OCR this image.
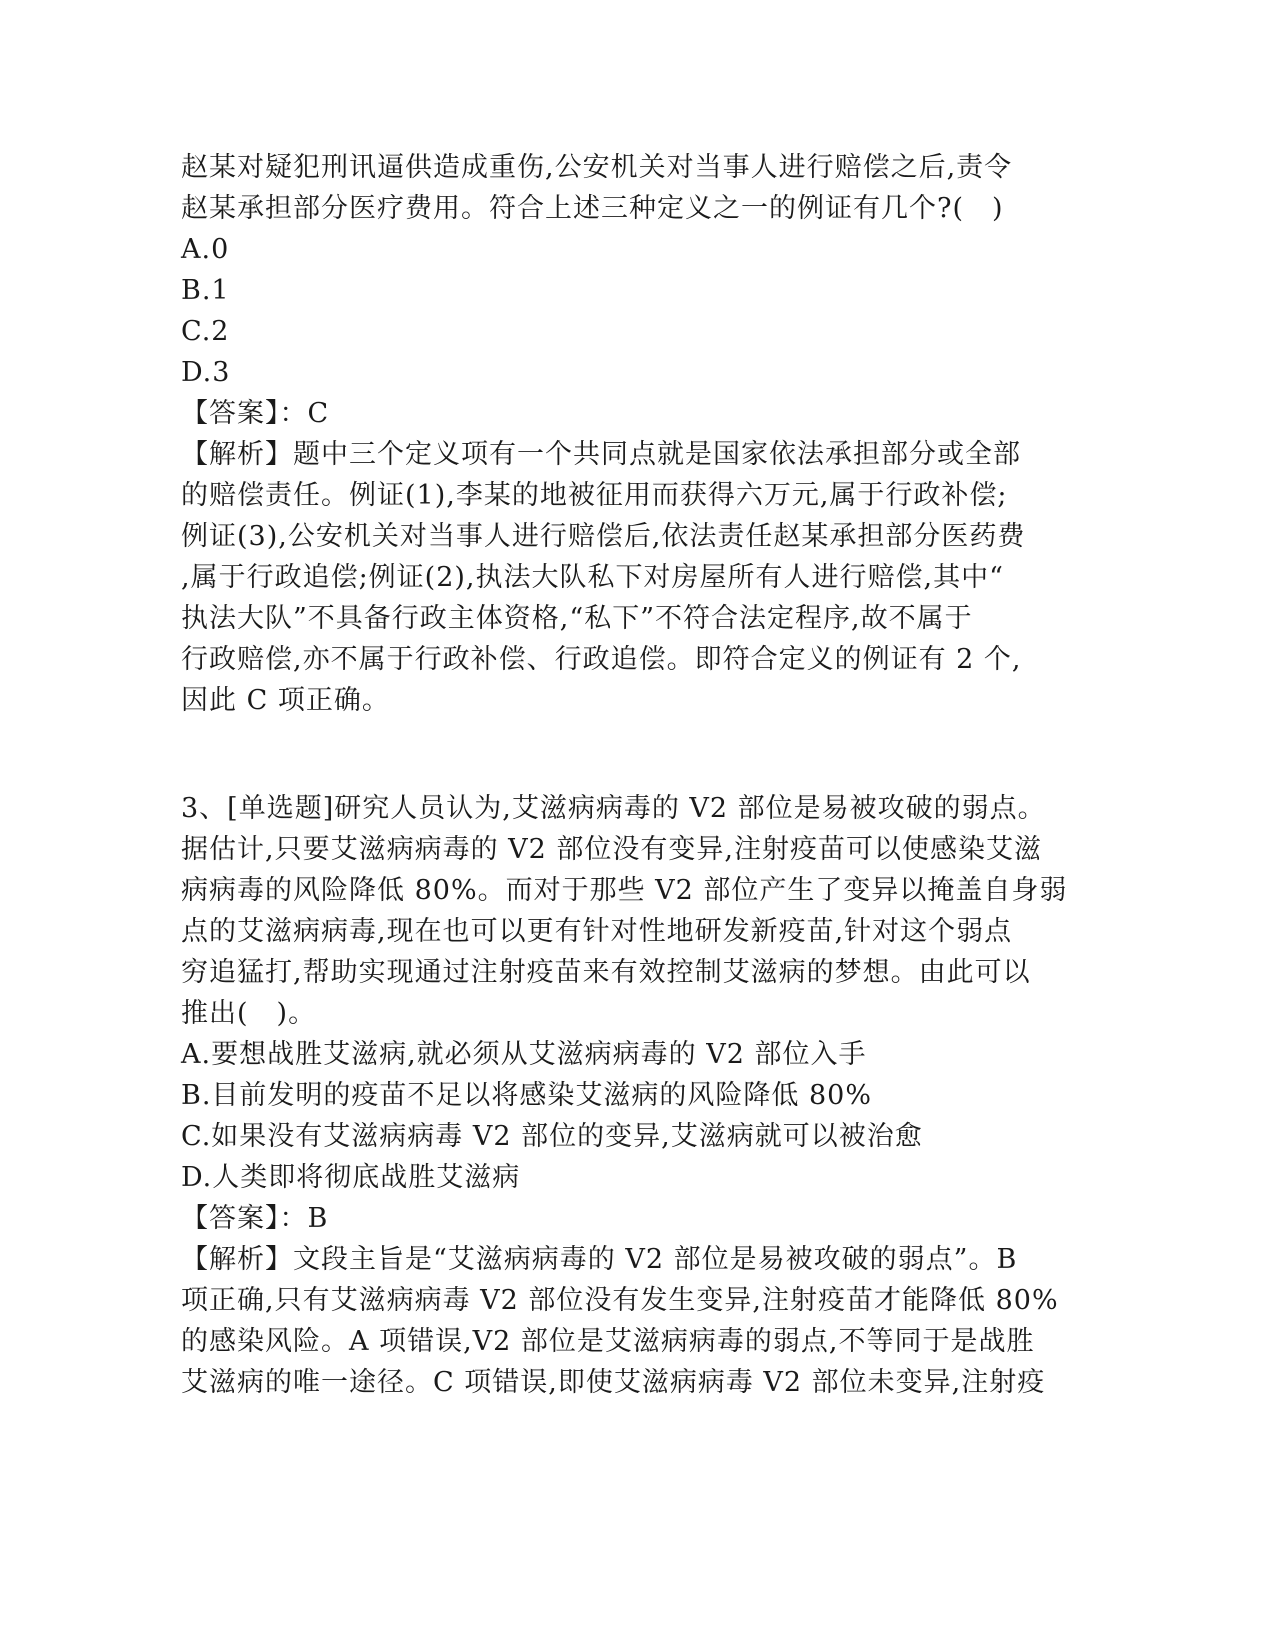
赵某对疑犯刑讯逼供造成重伤,公安机关对当事人进行赔偿之后,责令
赵某承担部分医疗费用。符合上述三种定义之一的例证有几个?(　)
A.0
B.1
C.2
D.3
【答案】：C
【解析】题中三个定义项有一个共同点就是国家依法承担部分或全部
的赔偿责任。例证(1),李某的地被征用而获得六万元,属于行政补偿;
例证(3),公安机关对当事人进行赔偿后,依法责任赵某承担部分医药费
,属于行政追偿;例证(2),执法大队私下对房屋所有人进行赔偿,其中“
执法大队”不具备行政主体资格,“私下”不符合法定程序,故不属于
行政赔偿,亦不属于行政补偿、行政追偿。即符合定义的例证有 2 个,
因此 C 项正确。
3、[单选题]研究人员认为,艾滋病病毒的 V2 部位是易被攻破的弱点。
据估计,只要艾滋病病毒的 V2 部位没有变异,注射疫苗可以使感染艾滋
病病毒的风险降低 80%。而对于那些 V2 部位产生了变异以掩盖自身弱
点的艾滋病病毒,现在也可以更有针对性地研发新疫苗,针对这个弱点
穷追猛打,帮助实现通过注射疫苗来有效控制艾滋病的梦想。由此可以
推出(　)。
A.要想战胜艾滋病,就必须从艾滋病病毒的 V2 部位入手
B.目前发明的疫苗不足以将感染艾滋病的风险降低 80%
C.如果没有艾滋病病毒 V2 部位的变异,艾滋病就可以被治愈
D.人类即将彻底战胜艾滋病
【答案】：B
【解析】文段主旨是“艾滋病病毒的 V2 部位是易被攻破的弱点”。B
项正确,只有艾滋病病毒 V2 部位没有发生变异,注射疫苗才能降低 80%
的感染风险。A 项错误,V2 部位是艾滋病病毒的弱点,不等同于是战胜
艾滋病的唯一途径。C 项错误,即使艾滋病病毒 V2 部位未变异,注射疫
